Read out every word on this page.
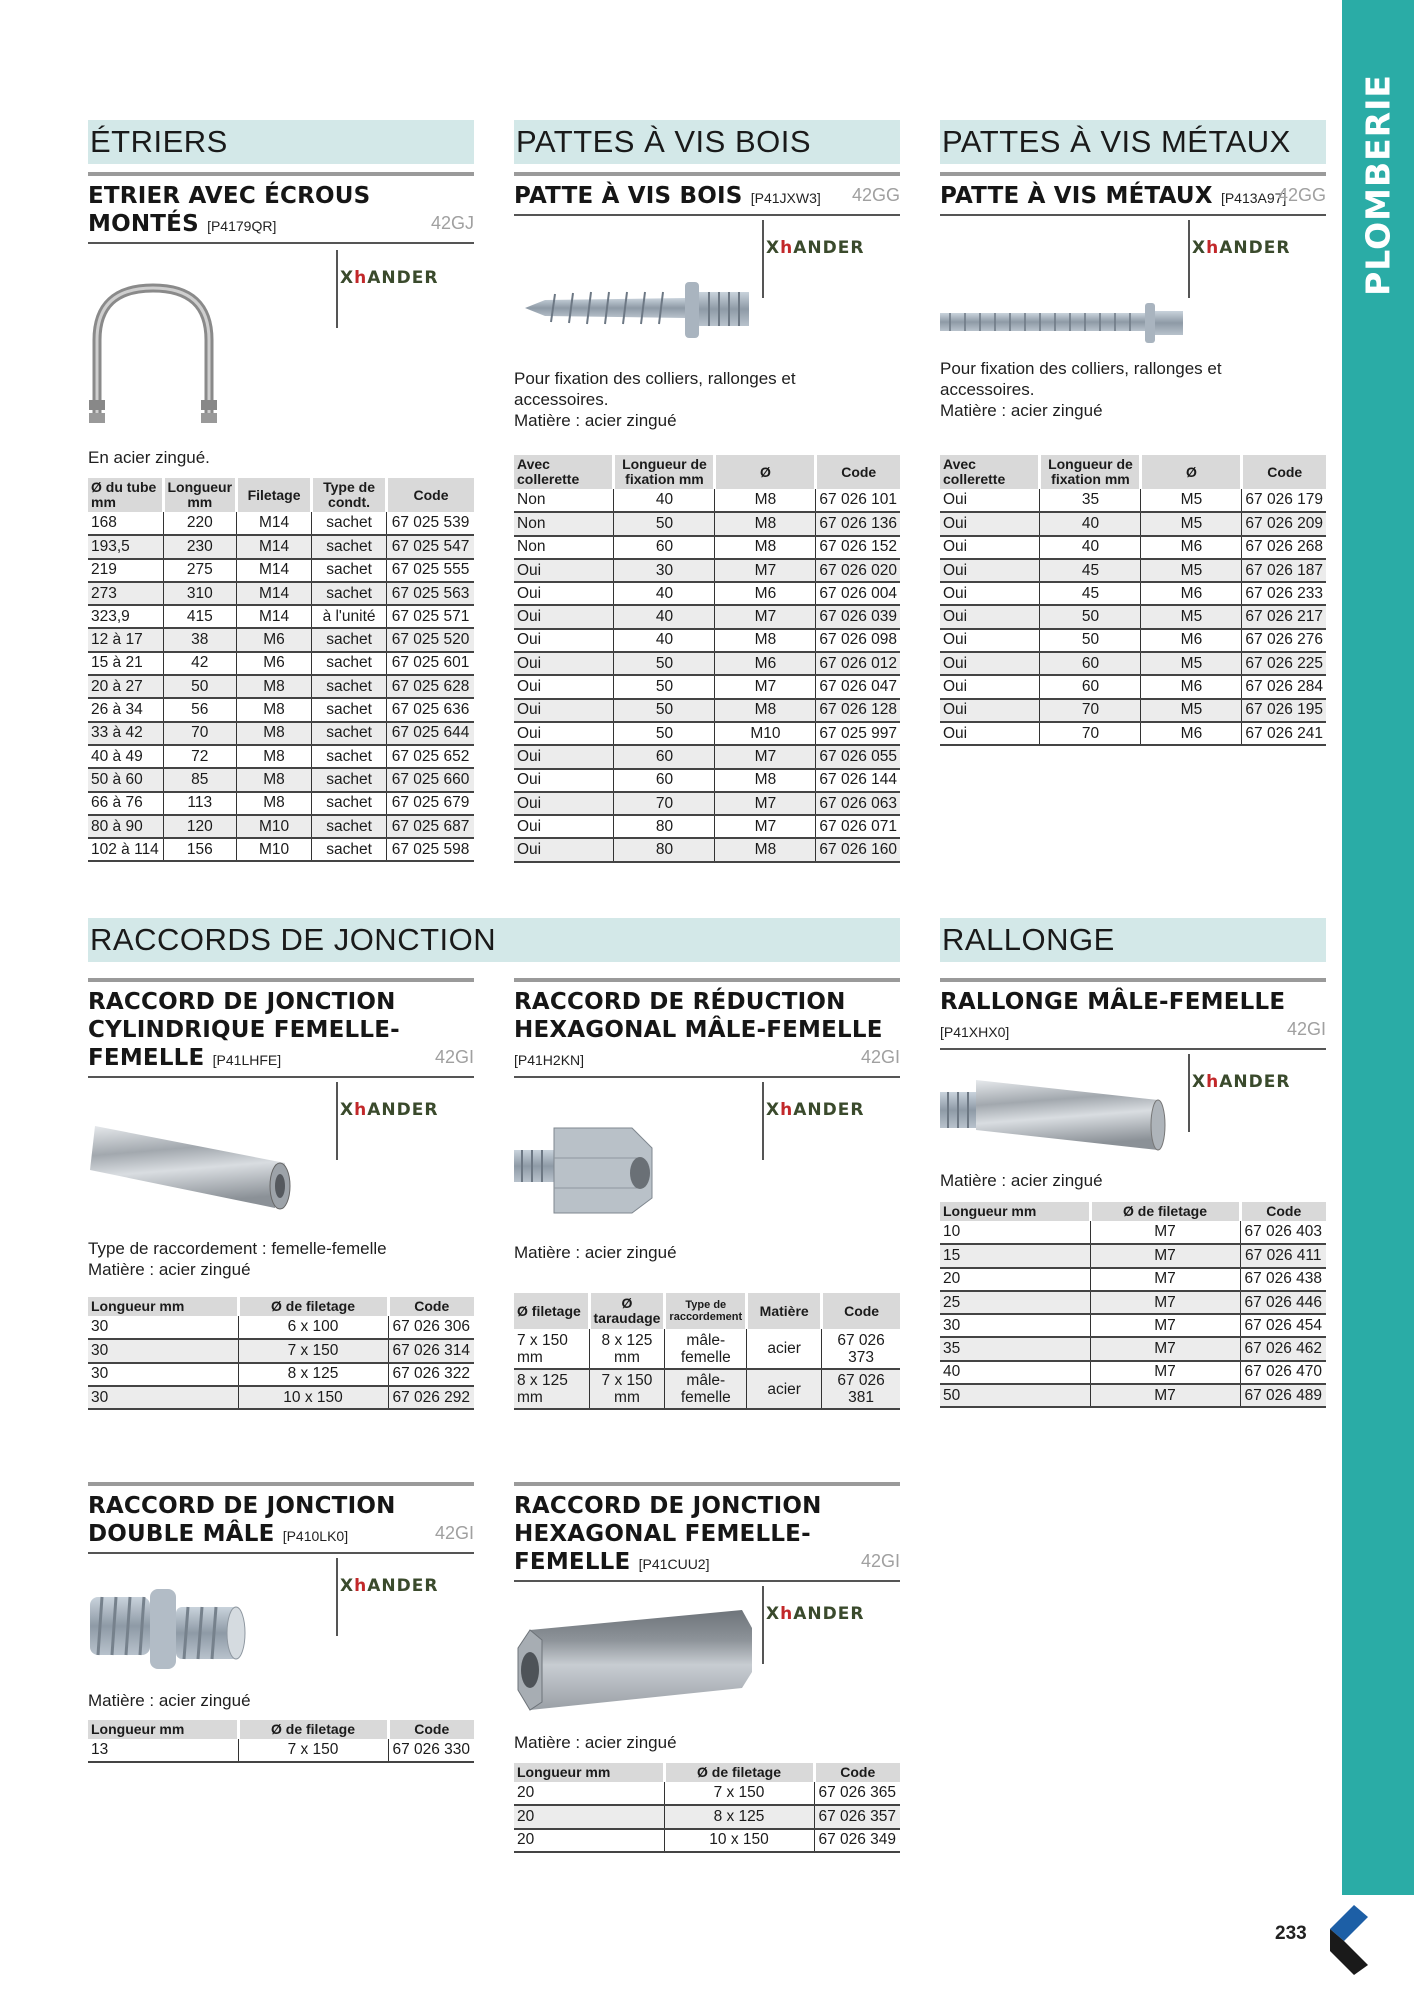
PLOMBERIE
ÉTRIERS
ETRIER AVEC ÉCROUS MONTÉS [P4179QR]	42GJ
XhANDER
En acier zingué.
Ø du tube mm	Longueur mm	Filetage	Type de condt.	Code
168	220	M14	sachet	67 025 539
193,5	230	M14	sachet	67 025 547
219	275	M14	sachet	67 025 555
273	310	M14	sachet	67 025 563
323,9	415	M14	à l'unité	67 025 571
12 à 17	38	M6	sachet	67 025 520
15 à 21	42	M6	sachet	67 025 601
20 à 27	50	M8	sachet	67 025 628
26 à 34	56	M8	sachet	67 025 636
33 à 42	70	M8	sachet	67 025 644
40 à 49	72	M8	sachet	67 025 652
50 à 60	85	M8	sachet	67 025 660
66 à 76	113	M8	sachet	67 025 679
80 à 90	120	M10	sachet	67 025 687
102 à 114	156	M10	sachet	67 025 598
PATTES À VIS BOIS
PATTE À VIS BOIS [P41JXW3]	42GG
XhANDER
Pour fixation des colliers, rallonges et accessoires.
Matière : acier zingué
Avec collerette	Longueur de fixation mm	Ø	Code
Non	40	M8	67 026 101
Non	50	M8	67 026 136
Non	60	M8	67 026 152
Oui	30	M7	67 026 020
Oui	40	M6	67 026 004
Oui	40	M7	67 026 039
Oui	40	M8	67 026 098
Oui	50	M6	67 026 012
Oui	50	M7	67 026 047
Oui	50	M8	67 026 128
Oui	50	M10	67 025 997
Oui	60	M7	67 026 055
Oui	60	M8	67 026 144
Oui	70	M7	67 026 063
Oui	80	M7	67 026 071
Oui	80	M8	67 026 160
PATTES À VIS MÉTAUX
PATTE À VIS MÉTAUX [P413A97]
42GG
XhANDER
Pour fixation des colliers, rallonges et accessoires.
Matière : acier zingué
Avec collerette	Longueur de fixation mm	Ø	Code
Oui	35	M5	67 026 179
Oui	40	M5	67 026 209
Oui	40	M6	67 026 268
Oui	45	M5	67 026 187
Oui	45	M6	67 026 233
Oui	50	M5	67 026 217
Oui	50	M6	67 026 276
Oui	60	M5	67 026 225
Oui	60	M6	67 026 284
Oui	70	M5	67 026 195
Oui	70	M6	67 026 241
RACCORDS DE JONCTION
RACCORD DE JONCTION CYLINDRIQUE FEMELLE-FEMELLE [P41LHFE]	42GI
XhANDER
Type de raccordement : femelle-femelle
Matière : acier zingué
Longueur mm	Ø de filetage	Code
30	6 x 100	67 026 306
30	7 x 150	67 026 314
30	8 x 125	67 026 322
30	10 x 150	67 026 292
RACCORD DE RÉDUCTION HEXAGONAL MÂLE-FEMELLE
[P41H2KN]	42GI
XhANDER
Matière : acier zingué
Ø filetage	Ø taraudage	Type de raccordement	Matière	Code
7 x 150 mm	8 x 125 mm	mâle-femelle	acier	67 026 373
8 x 125 mm	7 x 150 mm	mâle-femelle	acier	67 026 381
RALLONGE
RALLONGE MÂLE-FEMELLE
[P41XHX0]	42GI
XhANDER
Matière : acier zingué
Longueur mm	Ø de filetage	Code
10	M7	67 026 403
15	M7	67 026 411
20	M7	67 026 438
25	M7	67 026 446
30	M7	67 026 454
35	M7	67 026 462
40	M7	67 026 470
50	M7	67 026 489
RACCORD DE JONCTION DOUBLE MÂLE [P410LK0]	42GI
XhANDER
Matière : acier zingué
Longueur mm	Ø de filetage	Code
13	7 x 150	67 026 330
RACCORD DE JONCTION HEXAGONAL FEMELLE-FEMELLE [P41CUU2]	42GI
XhANDER
Matière : acier zingué
Longueur mm	Ø de filetage	Code
20	7 x 150	67 026 365
20	8 x 125	67 026 357
20	10 x 150	67 026 349
233
